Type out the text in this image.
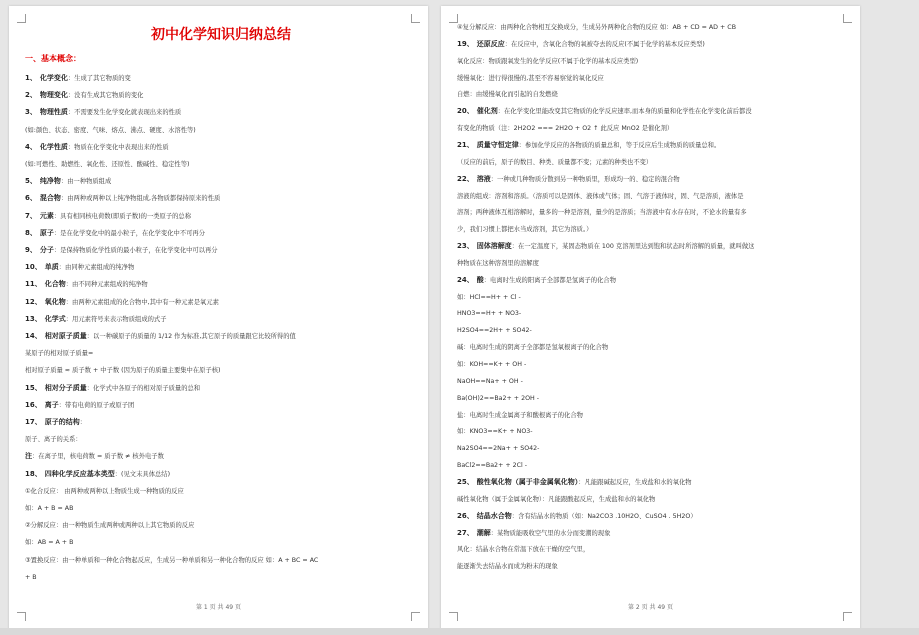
初中化学知识归纳总结
一、基本概念：
1、 化学变化：生成了其它物质的变
2、 物理变化：没有生成其它物质的变化
3、 物理性质：不需要发生化学变化就表现出来的性质
(如:颜色、状态、密度、气味、熔点、沸点、硬度、水溶性等)
4、 化学性质：物质在化学变化中表现出来的性质
(如:可燃性、助燃性、氧化性、还原性、酸碱性、稳定性等)
5、 纯净物：由一种物质组成
6、 混合物：由两种或两种以上纯净物组成,各物质都保持原来的性质
7、 元素：具有相同核电荷数(即质子数)的一类原子的总称
8、 原子：是在化学变化中的最小粒子，在化学变化中不可再分
9、 分子：是保持物质化学性质的最小粒子，在化学变化中可以再分
10、 单质：由同种元素组成的纯净物
11、 化合物：由不同种元素组成的纯净物
12、 氧化物：由两种元素组成的化合物中,其中有一种元素是氧元素
13、 化学式：用元素符号来表示物质组成的式子
14、 相对原子质量：以一种碳原子的质量的 1/12 作为标准,其它原子的质量跟它比较所得的值
某原子的相对原子质量=
相对原子质量 ≈ 质子数 + 中子数 (因为原子的质量主要集中在原子核)
15、 相对分子质量：化学式中各原子的相对原子质量的总和
16、 离子：带有电荷的原子或原子团
17、 原子的结构：
原子、离子的关系：
注：在离子里，核电荷数 = 质子数 ≠ 核外电子数
18、 四种化学反应基本类型：(见文末具体总结)
①化合反应： 由两种或两种以上物质生成一种物质的反应
如：A + B = AB
②分解反应：由一种物质生成两种或两种以上其它物质的反应
如：AB = A + B
③置换反应：由一种单质和一种化合物起反应，生成另一种单质和另一种化合物的反应 如：A + BC = AC
+ B
第 1 页 共 49 页
④复分解反应：由两种化合物相互交换成分，生成另外两种化合物的反应 如：AB + CD = AD + CB
19、 还原反应：在反应中，含氧化合物的氧被夺去的反应(不属于化学的基本反应类型)
氧化反应：物质跟氧发生的化学反应(不属于化学的基本反应类型)
缓慢氧化：进行得很慢的,甚至不容易察觉的氧化反应
自燃：由缓慢氧化而引起的自发燃烧
20、 催化剂：在化学变化里能改变其它物质的化学反应速率,而本身的质量和化学性在化学变化前后都没
有变化的物质（注：2H2O2 === 2H2O + O2 ↑ 此反应 MnO2 是催化剂）
21、 质量守恒定律：参加化学反应的各物质的质量总和，等于反应后生成物质的质量总和。
（反应的前后，原子的数目、种类、质量都不变；元素的种类也不变）
22、 溶液：一种或几种物质分散到另一种物质里，形成均一的、稳定的混合物
溶液的组成：溶剂和溶质。（溶质可以是固体、液体或气体；固、气溶于液体时，固、气是溶质，液体是
溶剂；两种液体互相溶解时，量多的一种是溶剂，量少的是溶质；当溶液中有水存在时，不论水的量有多
少，我们习惯上都把水当成溶剂，其它为溶质。）
23、 固体溶解度：在一定温度下，某固态物质在 100 克溶剂里达到饱和状态时所溶解的质量，就叫做这
种物质在这种溶剂里的溶解度
24、 酸：电离时生成的阳离子全部都是氢离子的化合物
如：HCl==H+ + Cl -
HNO3==H+ + NO3-
H2SO4==2H+ + SO42-
碱：电离时生成的阴离子全部都是氢氧根离子的化合物
如：KOH==K+ + OH -
NaOH==Na+ + OH -
Ba(OH)2==Ba2+ + 2OH -
盐：电离时生成金属离子和酸根离子的化合物
如：KNO3==K+ + NO3-
Na2SO4==2Na+ + SO42-
BaCl2==Ba2+ + 2Cl -
25、 酸性氧化物（属于非金属氧化物）：凡能跟碱起反应，生成盐和水的氧化物
碱性氧化物（属于金属氧化物）：凡能跟酸起反应，生成盐和水的氧化物
26、 结晶水合物：含有结晶水的物质（如：Na2CO3 .10H2O、CuSO4 . 5H2O）
27、 潮解：某物质能吸收空气里的水分而变潮的现象
风化：结晶水合物在常温下放在干燥的空气里，
能逐渐失去结晶水而成为粉末的现象
第 2 页 共 49 页
